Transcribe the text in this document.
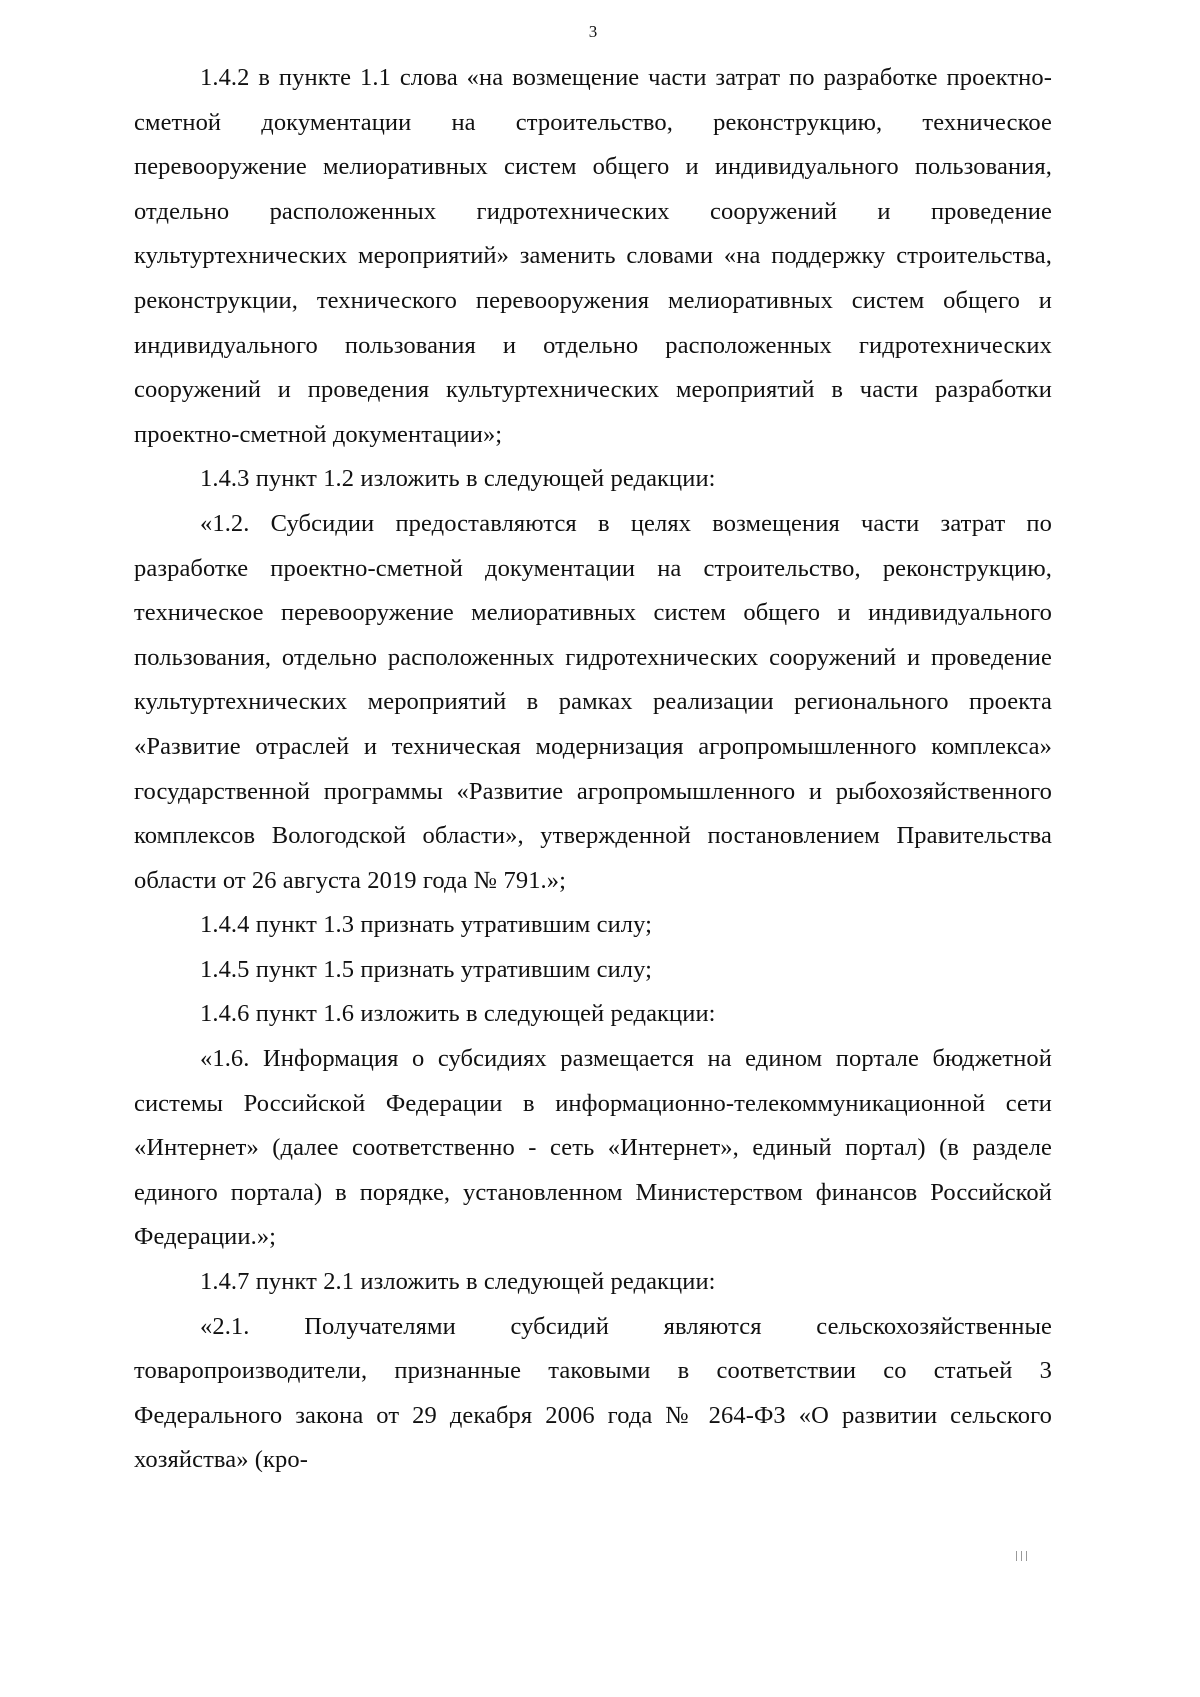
3

1.4.2 в пункте 1.1 слова «на возмещение части затрат по разработке проектно-сметной документации на строительство, реконструкцию, техническое перевооружение мелиоративных систем общего и индивидуального пользования, отдельно расположенных гидротехнических сооружений и проведение культуртехнических мероприятий» заменить словами «на поддержку строительства, реконструкции, технического перевооружения мелиоративных систем общего и индивидуального пользования и отдельно расположенных гидротехнических сооружений и проведения культуртехнических мероприятий в части разработки проектно-сметной документации»;

1.4.3 пункт 1.2 изложить в следующей редакции:

«1.2. Субсидии предоставляются в целях возмещения части затрат по разработке проектно-сметной документации на строительство, реконструкцию, техническое перевооружение мелиоративных систем общего и индивидуального пользования, отдельно расположенных гидротехнических сооружений и проведение культуртехнических мероприятий в рамках реализации регионального проекта «Развитие отраслей и техническая модернизация агропромышленного комплекса» государственной программы «Развитие агропромышленного и рыбохозяйственного комплексов Вологодской области», утвержденной постановлением Правительства области от 26 августа 2019 года № 791.»;

1.4.4 пункт 1.3 признать утратившим силу;

1.4.5 пункт 1.5 признать утратившим силу;

1.4.6 пункт 1.6 изложить в следующей редакции:

«1.6. Информация о субсидиях размещается на едином портале бюджетной системы Российской Федерации в информационно-телекоммуникационной сети «Интернет» (далее соответственно - сеть «Интернет», единый портал) (в разделе единого портала) в порядке, установленном Министерством финансов Российской Федерации.»;

1.4.7 пункт 2.1 изложить в следующей редакции:

«2.1. Получателями субсидий являются сельскохозяйственные товаропроизводители, признанные таковыми в соответствии со статьей 3 Федерального закона от 29 декабря 2006 года № 264-ФЗ «О развитии сельского хозяйства» (кро-
